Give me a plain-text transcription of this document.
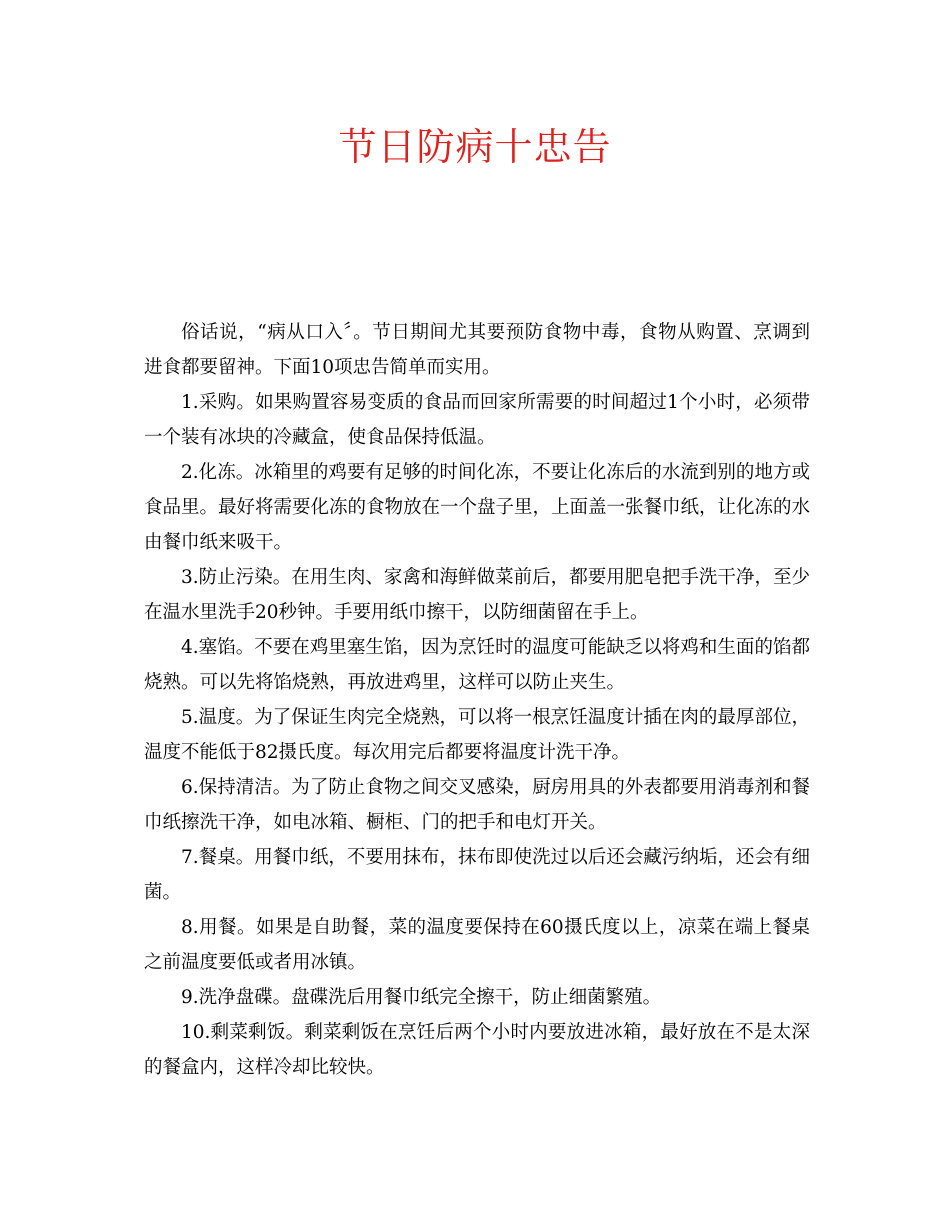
节日防病十忠告

俗话说，“病从口入〞。节日期间尤其要预防食物中毒，食物从购置、烹调到进食都要留神。下面10项忠告简单而实用。

1.采购。如果购置容易变质的食品而回家所需要的时间超过1个小时，必须带一个装有冰块的冷藏盒，使食品保持低温。

2.化冻。冰箱里的鸡要有足够的时间化冻，不要让化冻后的水流到别的地方或食品里。最好将需要化冻的食物放在一个盘子里，上面盖一张餐巾纸，让化冻的水由餐巾纸来吸干。

3.防止污染。在用生肉、家禽和海鲜做菜前后，都要用肥皂把手洗干净，至少在温水里洗手20秒钟。手要用纸巾擦干，以防细菌留在手上。

4.塞馅。不要在鸡里塞生馅，因为烹饪时的温度可能缺乏以将鸡和生面的馅都烧熟。可以先将馅烧熟，再放进鸡里，这样可以防止夹生。

5.温度。为了保证生肉完全烧熟，可以将一根烹饪温度计插在肉的最厚部位，温度不能低于82摄氏度。每次用完后都要将温度计洗干净。

6.保持清洁。为了防止食物之间交叉感染，厨房用具的外表都要用消毒剂和餐巾纸擦洗干净，如电冰箱、橱柜、门的把手和电灯开关。

7.餐桌。用餐巾纸，不要用抹布，抹布即使洗过以后还会藏污纳垢，还会有细菌。

8.用餐。如果是自助餐，菜的温度要保持在60摄氏度以上，凉菜在端上餐桌之前温度要低或者用冰镇。

9.洗净盘碟。盘碟洗后用餐巾纸完全擦干，防止细菌繁殖。

10.剩菜剩饭。剩菜剩饭在烹饪后两个小时内要放进冰箱，最好放在不是太深的餐盒内，这样冷却比较快。
